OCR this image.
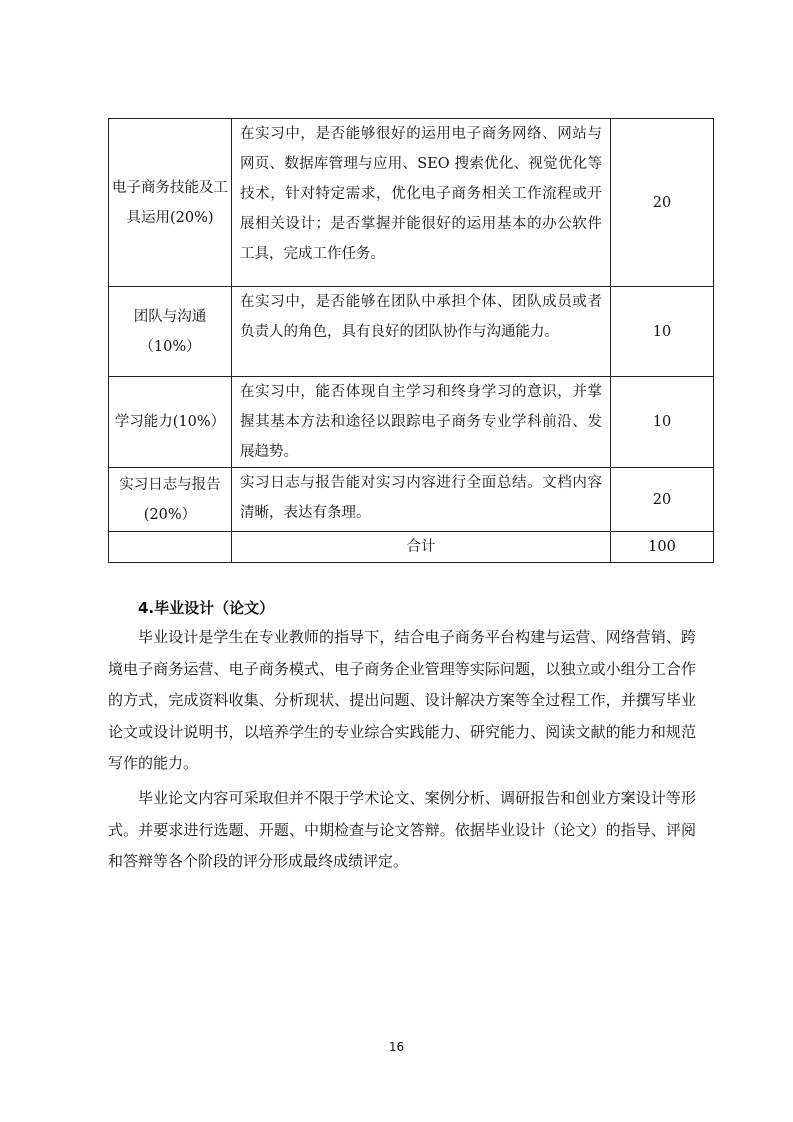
电子商务技能及工具运用(20%)	在实习中，是否能够很好的运用电子商务网络、网站与网页、数据库管理与应用、SEO 搜索优化、视觉优化等技术，针对特定需求，优化电子商务相关工作流程或开展相关设计；是否掌握并能很好的运用基本的办公软件工具，完成工作任务。	20
团队与沟通（10%）	在实习中，是否能够在团队中承担个体、团队成员或者负责人的角色，具有良好的团队协作与沟通能力。	10
学习能力(10%）	在实习中，能否体现自主学习和终身学习的意识，并掌握其基本方法和途径以跟踪电子商务专业学科前沿、发展趋势。	10
实习日志与报告(20%）	实习日志与报告能对实习内容进行全面总结。文档内容清晰，表达有条理。	20
	合计	100
4.毕业设计（论文）

毕业设计是学生在专业教师的指导下，结合电子商务平台构建与运营、网络营销、跨境电子商务运营、电子商务模式、电子商务企业管理等实际问题，以独立或小组分工合作的方式，完成资料收集、分析现状、提出问题、设计解决方案等全过程工作，并撰写毕业论文或设计说明书，以培养学生的专业综合实践能力、研究能力、阅读文献的能力和规范写作的能力。

毕业论文内容可采取但并不限于学术论文、案例分析、调研报告和创业方案设计等形式。并要求进行选题、开题、中期检查与论文答辩。依据毕业设计（论文）的指导、评阅和答辩等各个阶段的评分形成最终成绩评定。

16
